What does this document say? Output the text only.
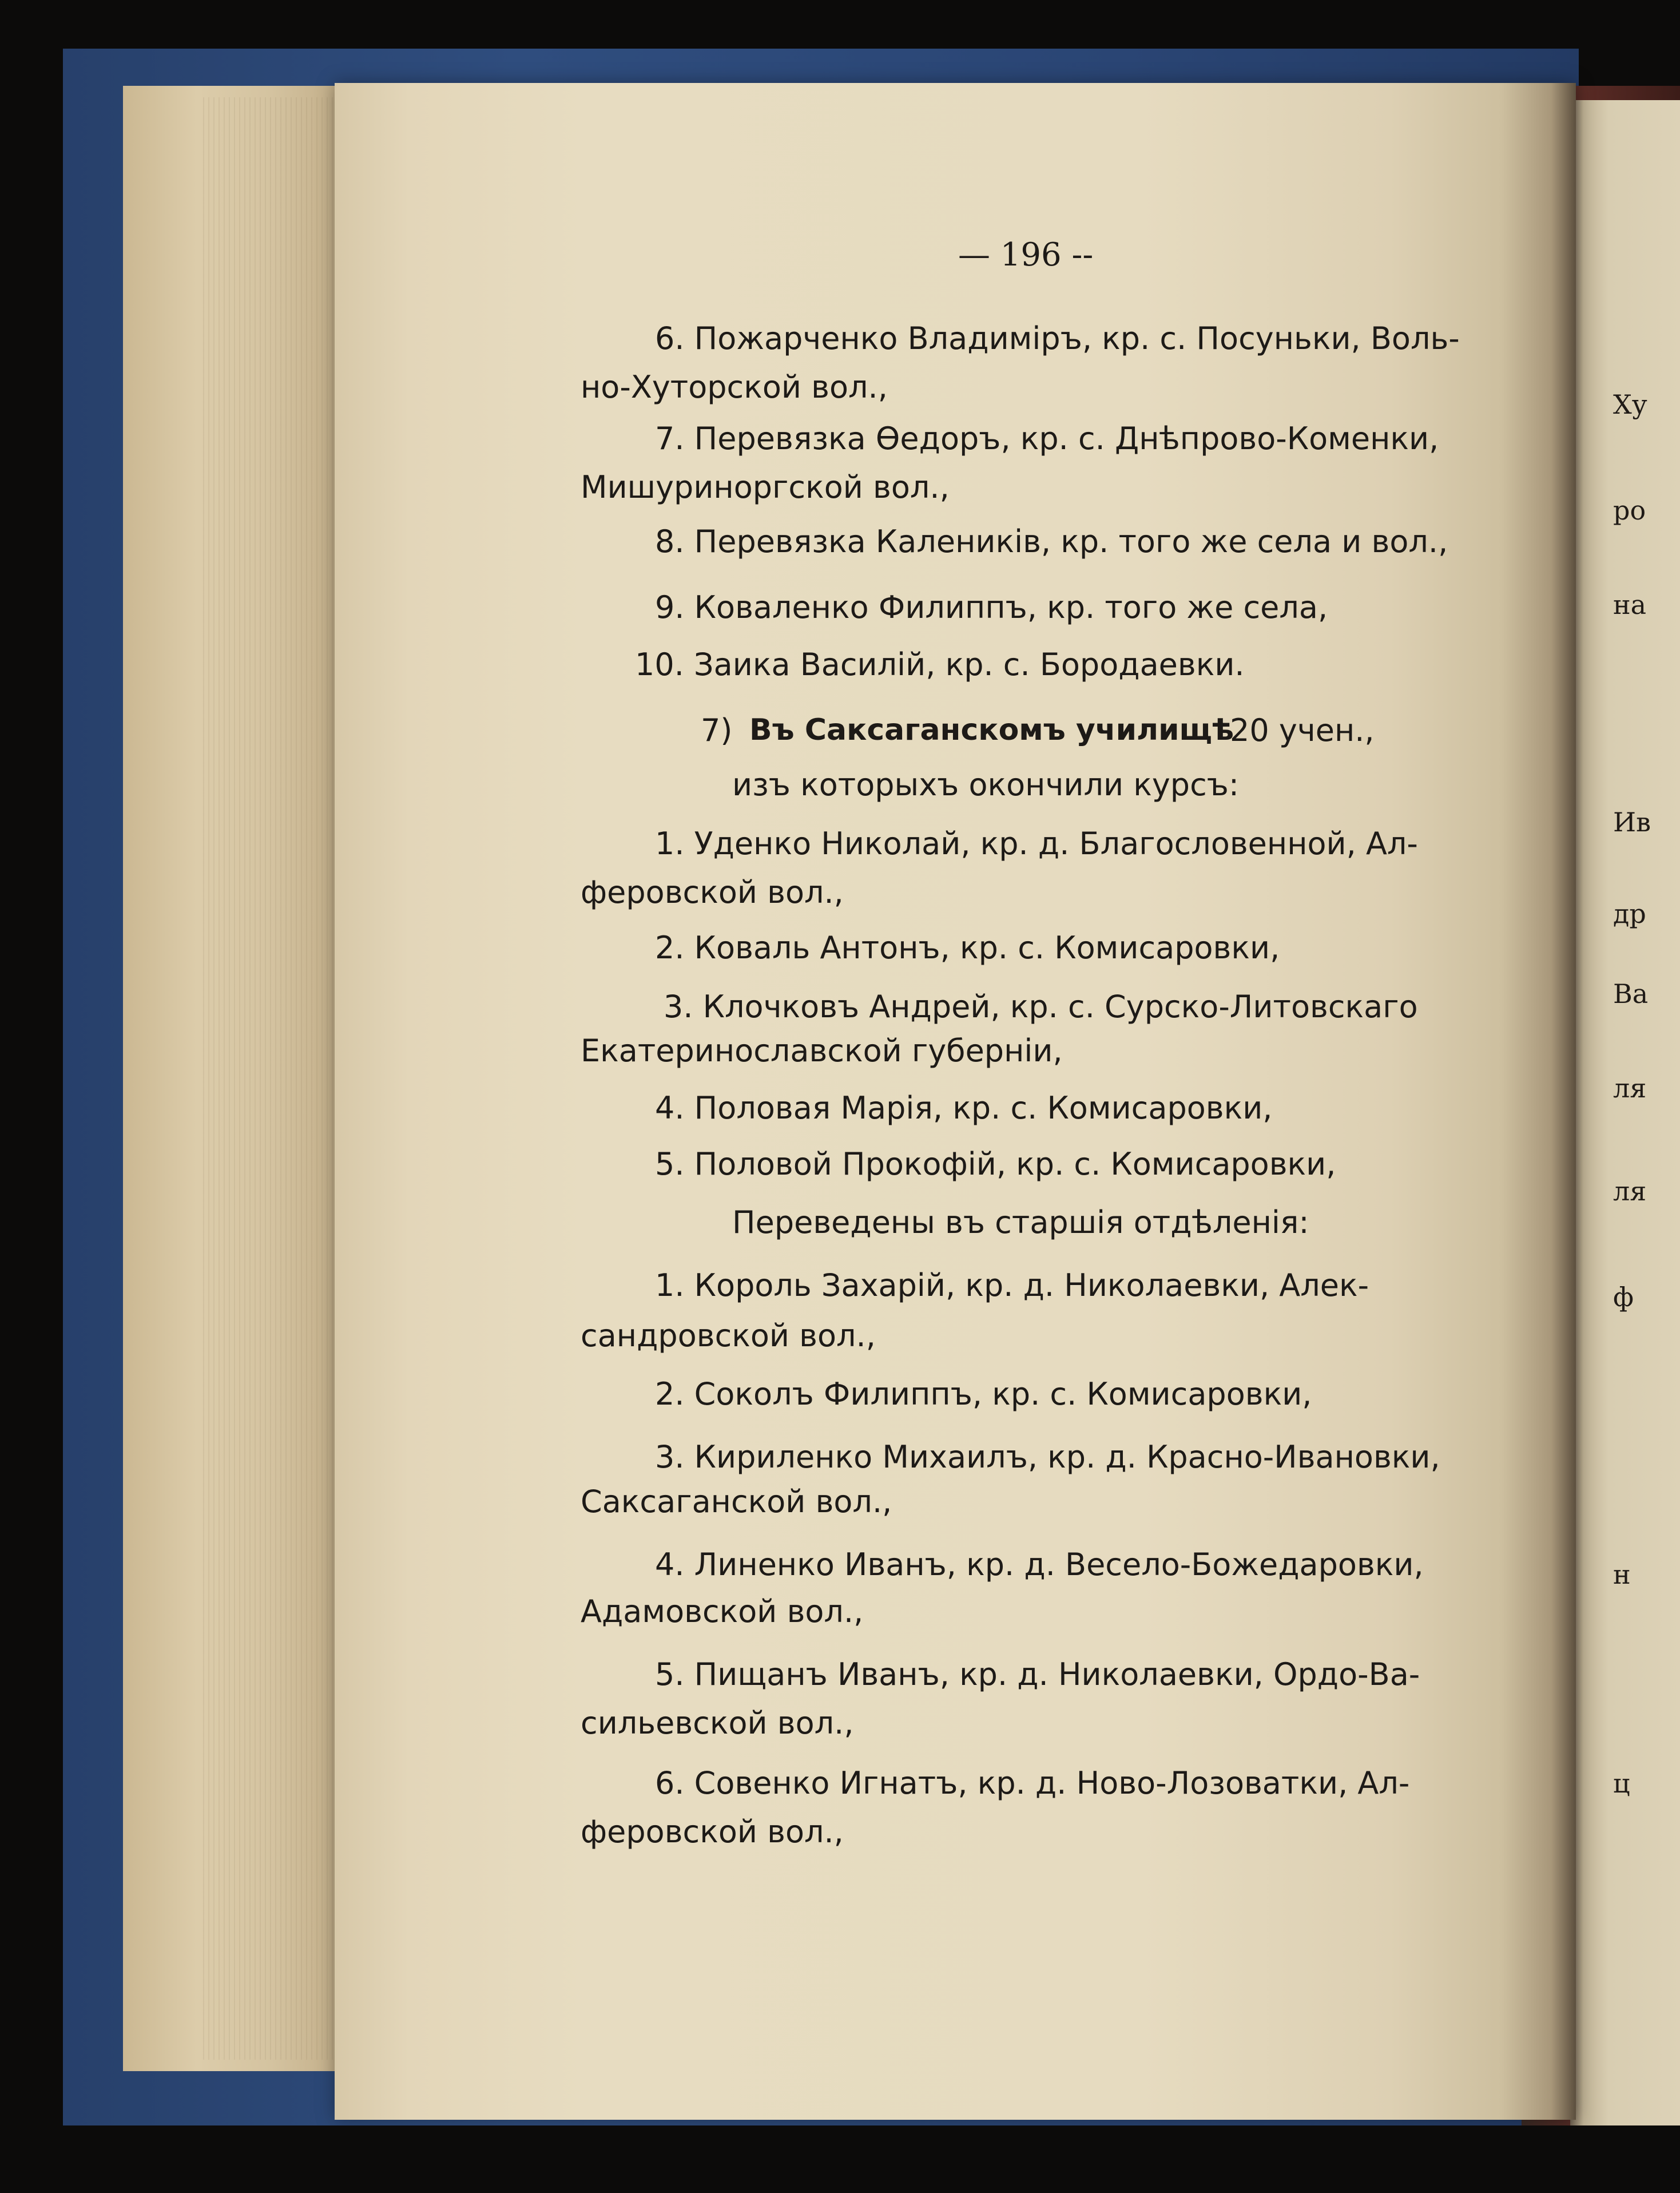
— 196 --
6. Пожарченко Владиміръ, кр. с. Посуньки, Воль-
но-Хуторской вол.,
7. Перевязка Ѳедоръ, кр. с. Днѣпрово-Коменки,
Мишуриноргской вол.,
8. Перевязка Калеників, кр. того же села и вол.,
9. Коваленко Филиппъ, кр. того же села,
10. Заика Василій, кр. с. Бородаевки.
7) Въ Саксаганскомъ училищѣ
20 учен.,
изъ которыхъ окончили курсъ:
1. Уденко Николай, кр. д. Благословенной, Ал-
феровской вол.,
2. Коваль Антонъ, кр. с. Комисаровки,
3. Клочковъ Андрей, кр. с. Сурско-Литовскаго
Екатеринославской губерніи,
4. Половая Марія, кр. с. Комисаровки,
5. Половой Прокофій, кр. с. Комисаровки,
Переведены въ старшія отдѣленія:
1. Король Захарій, кр. д. Николаевки, Алек-
сандровской вол.,
2. Соколъ Филиппъ, кр. с. Комисаровки,
3. Кириленко Михаилъ, кр. д. Красно-Ивановки,
Саксаганской вол.,
4. Линенко Иванъ, кр. д. Весело-Божедаровки,
Адамовской вол.,
5. Пищанъ Иванъ, кр. д. Николаевки, Ордо-Ва-
сильевской вол.,
6. Совенко Игнатъ, кр. д. Ново-Лозоватки, Ал-
феровской вол.,
Ху
ро
на
Ив
др
Ва
ля
ля
ф
н
ц
